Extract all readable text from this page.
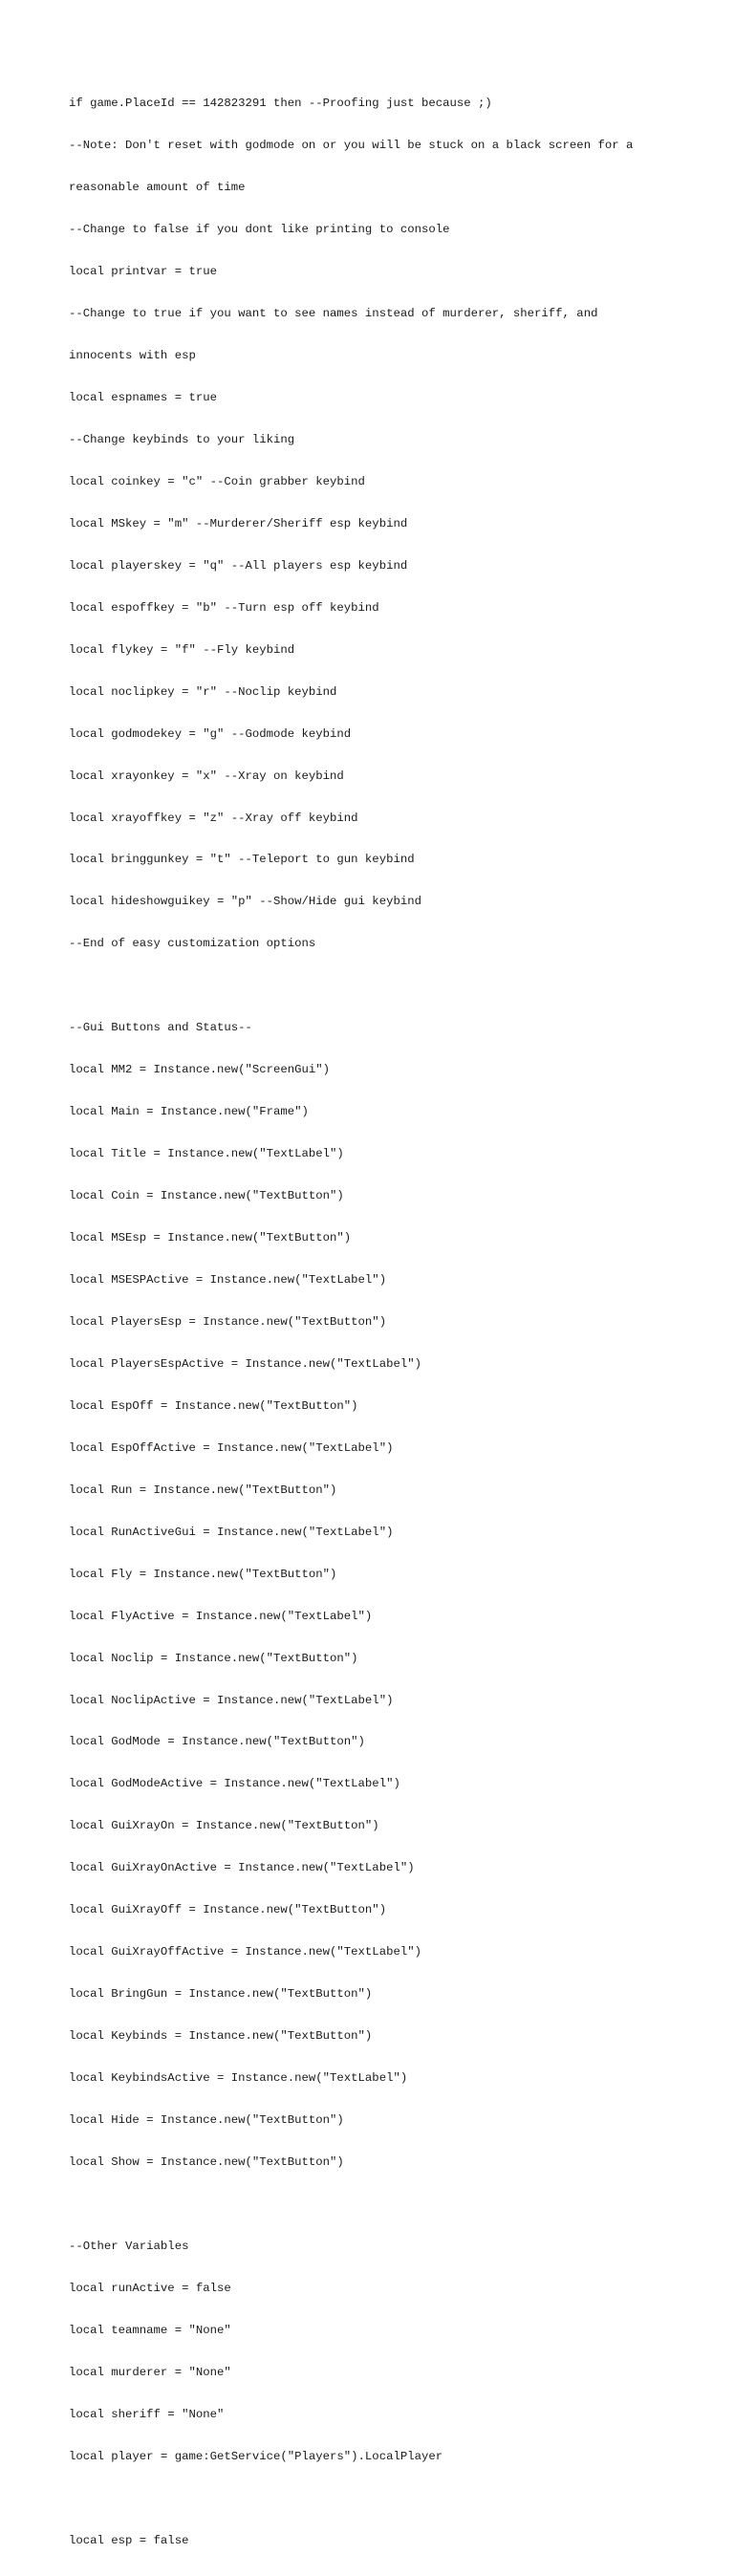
if game.PlaceId == 142823291 then --Proofing just because ;)

--Note: Don't reset with godmode on or you will be stuck on a black screen for a

reasonable amount of time

--Change to false if you dont like printing to console

local printvar = true

--Change to true if you want to see names instead of murderer, sheriff, and

innocents with esp

local espnames = true

--Change keybinds to your liking

local coinkey = "c" --Coin grabber keybind

local MSkey = "m" --Murderer/Sheriff esp keybind

local playerskey = "q" --All players esp keybind

local espoffkey = "b" --Turn esp off keybind

local flykey = "f" --Fly keybind

local noclipkey = "r" --Noclip keybind

local godmodekey = "g" --Godmode keybind

local xrayonkey = "x" --Xray on keybind

local xrayoffkey = "z" --Xray off keybind

local bringgunkey = "t" --Teleport to gun keybind

local hideshowguikey = "p" --Show/Hide gui keybind

--End of easy customization options

--Gui Buttons and Status--

local MM2 = Instance.new("ScreenGui")

local Main = Instance.new("Frame")

local Title = Instance.new("TextLabel")

local Coin = Instance.new("TextButton")

local MSEsp = Instance.new("TextButton")

local MSESPActive = Instance.new("TextLabel")

local PlayersEsp = Instance.new("TextButton")

local PlayersEspActive = Instance.new("TextLabel")

local EspOff = Instance.new("TextButton")

local EspOffActive = Instance.new("TextLabel")

local Run = Instance.new("TextButton")

local RunActiveGui = Instance.new("TextLabel")

local Fly = Instance.new("TextButton")

local FlyActive = Instance.new("TextLabel")

local Noclip = Instance.new("TextButton")

local NoclipActive = Instance.new("TextLabel")

local GodMode = Instance.new("TextButton")

local GodModeActive = Instance.new("TextLabel")

local GuiXrayOn = Instance.new("TextButton")

local GuiXrayOnActive = Instance.new("TextLabel")

local GuiXrayOff = Instance.new("TextButton")

local GuiXrayOffActive = Instance.new("TextLabel")

local BringGun = Instance.new("TextButton")

local Keybinds = Instance.new("TextButton")

local KeybindsActive = Instance.new("TextLabel")

local Hide = Instance.new("TextButton")

local Show = Instance.new("TextButton")

--Other Variables

local runActive = false

local teamname = "None"

local murderer = "None"

local sheriff = "None"

local player = game:GetService("Players").LocalPlayer

local esp = false
